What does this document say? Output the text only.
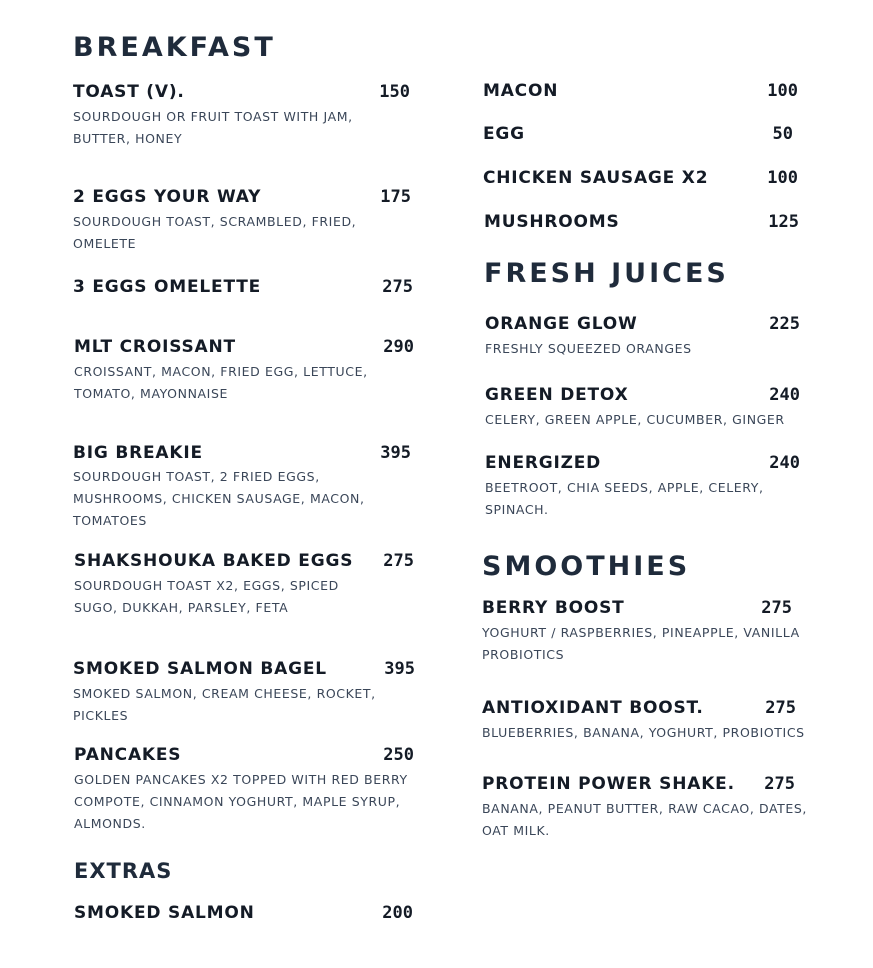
BREAKFAST
TOAST (V).	150
SOURDOUGH OR FRUIT TOAST WITH JAM, BUTTER, HONEY
2 EGGS YOUR WAY	175
SOURDOUGH TOAST, SCRAMBLED, FRIED, OMELETE
3 EGGS OMELETTE	275
MLT CROISSANT	290
CROISSANT, MACON, FRIED EGG, LETTUCE, TOMATO, MAYONNAISE
BIG BREAKIE	395
SOURDOUGH TOAST, 2 FRIED EGGS, MUSHROOMS, CHICKEN SAUSAGE, MACON, TOMATOES
SHAKSHOUKA BAKED EGGS	275
SOURDOUGH TOAST X2, EGGS, SPICED SUGO, DUKKAH, PARSLEY, FETA
SMOKED SALMON BAGEL	395
SMOKED SALMON, CREAM CHEESE, ROCKET, PICKLES
PANCAKES	250
GOLDEN PANCAKES X2 TOPPED WITH RED BERRY COMPOTE, CINNAMON YOGHURT, MAPLE SYRUP, ALMONDS.
EXTRAS
SMOKED SALMON	200
MACON	100
EGG	50
CHICKEN SAUSAGE X2	100
MUSHROOMS	125
FRESH JUICES
ORANGE GLOW	225
FRESHLY SQUEEZED ORANGES
GREEN DETOX	240
CELERY, GREEN APPLE, CUCUMBER, GINGER
ENERGIZED	240
BEETROOT, CHIA SEEDS, APPLE, CELERY, SPINACH.
SMOOTHIES
BERRY BOOST	275
YOGHURT / RASPBERRIES, PINEAPPLE, VANILLA PROBIOTICS
ANTIOXIDANT BOOST.	275
BLUEBERRIES, BANANA, YOGHURT, PROBIOTICS
PROTEIN POWER SHAKE.	275
BANANA, PEANUT BUTTER, RAW CACAO, DATES, OAT MILK.
